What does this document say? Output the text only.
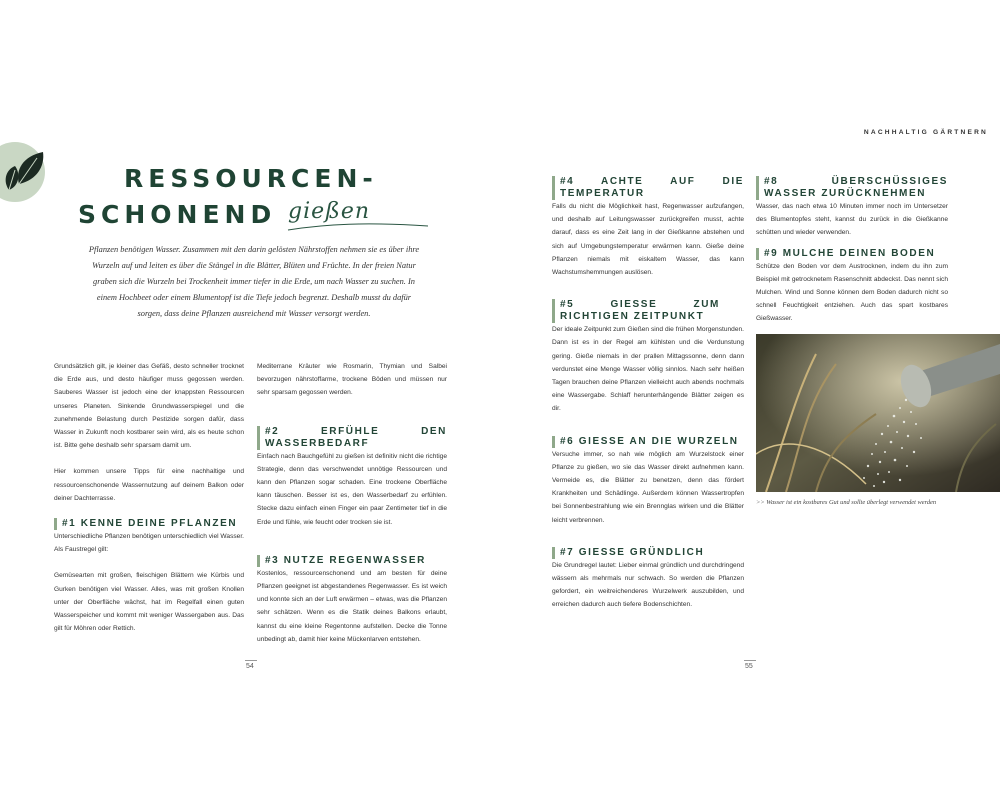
NACHHALTIG GÄRTNERN
RESSOURCEN-
SCHONEND gießen
Pflanzen benötigen Wasser. Zusammen mit den darin gelösten Nährstoffen nehmen sie es über ihre Wurzeln auf und leiten es über die Stängel in die Blätter, Blüten und Früchte. In der freien Natur graben sich die Wurzeln bei Trockenheit immer tiefer in die Erde, um nach Wasser zu suchen. In einem Hochbeet oder einem Blumentopf ist die Tiefe jedoch begrenzt. Deshalb musst du dafür sorgen, dass deine Pflanzen ausreichend mit Wasser versorgt werden.

Grundsätzlich gilt, je kleiner das Gefäß, desto schneller trocknet die Erde aus, und desto häufiger muss gegossen werden. Sauberes Wasser ist jedoch eine der knappsten Ressourcen unseres Planeten. Sinkende Grundwasserspiegel und die zunehmende Belastung durch Pestizide sorgen dafür, dass Wasser in Zukunft noch kostbarer sein wird, als es heute schon ist. Bitte gehe deshalb sehr sparsam damit um.

Hier kommen unsere Tipps für eine nachhaltige und ressourcenschonende Wassernutzung auf deinem Balkon oder deiner Dachterrasse.

#1 KENNE DEINE PFLANZEN

Unterschiedliche Pflanzen benötigen unterschiedlich viel Wasser. Als Faustregel gilt:

Gemüsearten mit großen, fleischigen Blättern wie Kürbis und Gurken benötigen viel Wasser. Alles, was mit großen Knollen unter der Oberfläche wächst, hat im Regelfall einen guten Wasserspeicher und kommt mit weniger Wassergaben aus. Das gilt für Möhren oder Rettich.

Mediterrane Kräuter wie Rosmarin, Thymian und Salbei bevorzugen nährstoffarme, trockene Böden und müssen nur sehr sparsam gegossen werden.

#2 ERFÜHLE DEN WASSERBEDARF

Einfach nach Bauchgefühl zu gießen ist definitiv nicht die richtige Strategie, denn das verschwendet unnötige Ressourcen und kann den Pflanzen sogar schaden. Eine trockene Oberfläche kann täuschen. Besser ist es, den Wasserbedarf zu erfühlen. Stecke dazu einfach einen Finger ein paar Zentimeter tief in die Erde und fühle, wie feucht oder trocken sie ist.

#3 NUTZE REGENWASSER

Kostenlos, ressourcenschonend und am besten für deine Pflanzen geeignet ist abgestandenes Regenwasser. Es ist weich und konnte sich an der Luft erwärmen – etwas, was die Pflanzen sehr schätzen. Wenn es die Statik deines Balkons erlaubt, kannst du eine kleine Regentonne aufstellen. Decke die Tonne unbedingt ab, damit hier keine Mückenlarven entstehen.

#4 ACHTE AUF DIE TEMPERATUR

Falls du nicht die Möglichkeit hast, Regenwasser aufzufangen, und deshalb auf Leitungswasser zurückgreifen musst, achte darauf, dass es eine Zeit lang in der Gießkanne abstehen und sich auf Umgebungstemperatur erwärmen kann. Gieße deine Pflanzen niemals mit eiskaltem Wasser, das kann Wachstumshemmungen auslösen.

#5 GIESSE ZUM RICHTIGEN ZEITPUNKT

Der ideale Zeitpunkt zum Gießen sind die frühen Morgenstunden. Dann ist es in der Regel am kühlsten und die Verdunstung gering. Gieße niemals in der prallen Mittagssonne, denn dann verdunstet eine Menge Wasser völlig sinnlos. Nach sehr heißen Tagen brauchen deine Pflanzen vielleicht auch abends nochmals eine Wassergabe. Schlaff herunterhängende Blätter zeigen es dir.

#6 GIESSE AN DIE WURZELN

Versuche immer, so nah wie möglich am Wurzelstock einer Pflanze zu gießen, wo sie das Wasser direkt aufnehmen kann. Vermeide es, die Blätter zu benetzen, denn das fördert Krankheiten und Schädlinge. Außerdem können Wassertropfen bei Sonnenbestrahlung wie ein Brennglas wirken und die Blätter leicht verbrennen.

#7 GIESSE GRÜNDLICH

Die Grundregel lautet: Lieber einmal gründlich und durchdringend wässern als mehrmals nur schwach. So werden die Pflanzen gefordert, ein weitreichenderes Wurzelwerk auszubilden, und erreichen dadurch auch tiefere Bodenschichten.

#8 ÜBERSCHÜSSIGES WASSER ZURÜCKNEHMEN

Wasser, das nach etwa 10 Minuten immer noch im Untersetzer des Blumentopfes steht, kannst du zurück in die Gießkanne schütten und wieder verwenden.

#9 MULCHE DEINEN BODEN

Schütze den Boden vor dem Austrocknen, indem du ihn zum Beispiel mit getrocknetem Rasenschnitt abdeckst. Das nennt sich Mulchen. Wind und Sonne können dem Boden dadurch nicht so schnell Feuchtigkeit entziehen. Auch das spart kostbares Gießwasser.

>> Wasser ist ein kostbares Gut und sollte überlegt verwendet werden
54	55
